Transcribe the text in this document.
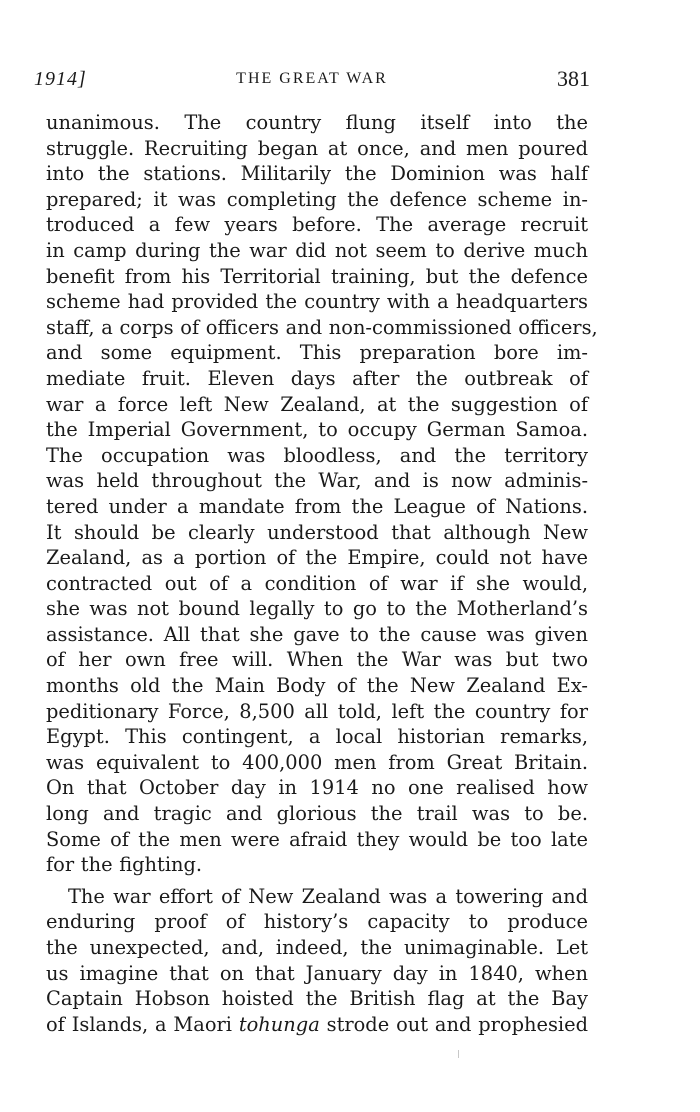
1914]	THE GREAT WAR	381
unanimous. The country flung itself into the
struggle. Recruiting began at once, and men poured
into the stations. Militarily the Dominion was half
prepared; it was completing the defence scheme in-
troduced a few years before. The average recruit
in camp during the war did not seem to derive much
benefit from his Territorial training, but the defence
scheme had provided the country with a headquarters
staff, a corps of officers and non-commissioned officers,
and some equipment. This preparation bore im-
mediate fruit. Eleven days after the outbreak of
war a force left New Zealand, at the suggestion of
the Imperial Government, to occupy German Samoa.
The occupation was bloodless, and the territory
was held throughout the War, and is now adminis-
tered under a mandate from the League of Nations.
It should be clearly understood that although New
Zealand, as a portion of the Empire, could not have
contracted out of a condition of war if she would,
she was not bound legally to go to the Motherland’s
assistance. All that she gave to the cause was given
of her own free will. When the War was but two
months old the Main Body of the New Zealand Ex-
peditionary Force, 8,500 all told, left the country for
Egypt. This contingent, a local historian remarks,
was equivalent to 400,000 men from Great Britain.
On that October day in 1914 no one realised how
long and tragic and glorious the trail was to be.
Some of the men were afraid they would be too late
for the fighting.
The war effort of New Zealand was a towering and
enduring proof of history’s capacity to produce
the unexpected, and, indeed, the unimaginable. Let
us imagine that on that January day in 1840, when
Captain Hobson hoisted the British flag at the Bay
of Islands, a Maori tohunga strode out and prophesied
